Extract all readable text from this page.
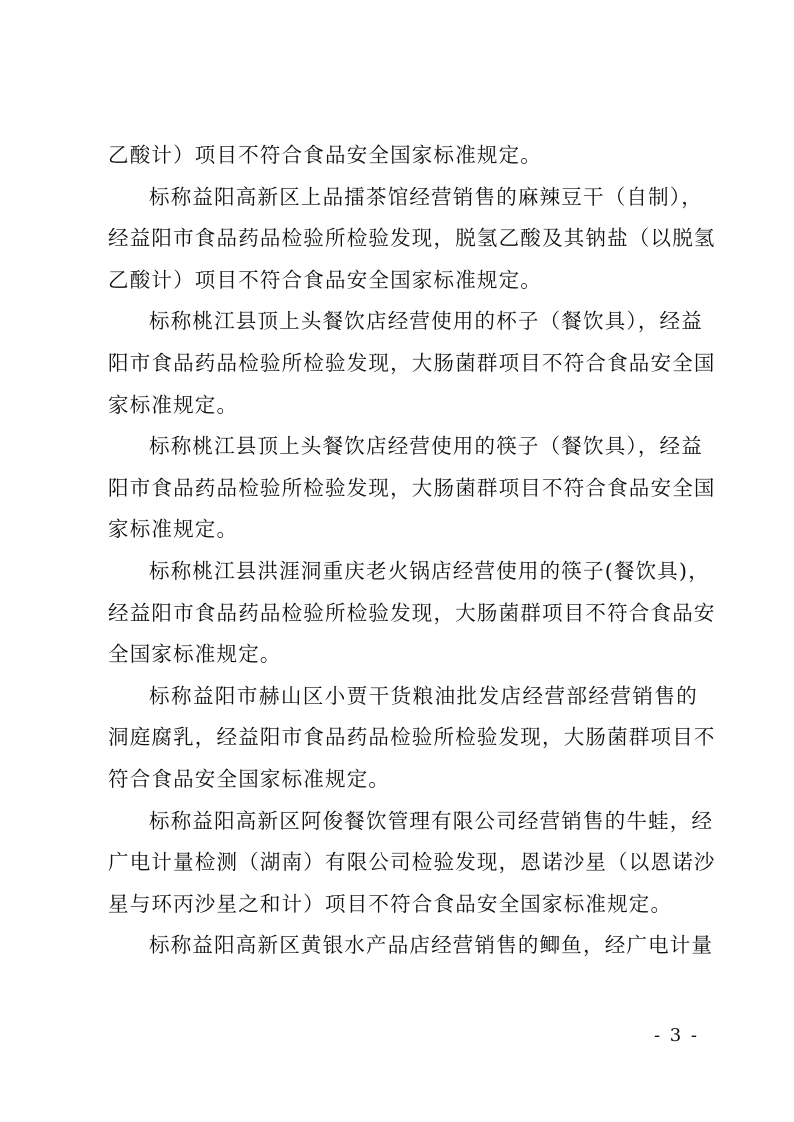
乙酸计）项目不符合食品安全国家标准规定。
标称益阳高新区上品擂茶馆经营销售的麻辣豆干（自制），
经益阳市食品药品检验所检验发现，脱氢乙酸及其钠盐（以脱氢
乙酸计）项目不符合食品安全国家标准规定。
标称桃江县顶上头餐饮店经营使用的杯子（餐饮具），经益
阳市食品药品检验所检验发现，大肠菌群项目不符合食品安全国
家标准规定。
标称桃江县顶上头餐饮店经营使用的筷子（餐饮具），经益
阳市食品药品检验所检验发现，大肠菌群项目不符合食品安全国
家标准规定。
标称桃江县洪涯洞重庆老火锅店经营使用的筷子(餐饮具)，
经益阳市食品药品检验所检验发现，大肠菌群项目不符合食品安
全国家标准规定。
标称益阳市赫山区小贾干货粮油批发店经营部经营销售的
洞庭腐乳，经益阳市食品药品检验所检验发现，大肠菌群项目不
符合食品安全国家标准规定。
标称益阳高新区阿俊餐饮管理有限公司经营销售的牛蛙，经
广电计量检测（湖南）有限公司检验发现，恩诺沙星（以恩诺沙
星与环丙沙星之和计）项目不符合食品安全国家标准规定。
标称益阳高新区黄银水产品店经营销售的鲫鱼，经广电计量
- 3 -
